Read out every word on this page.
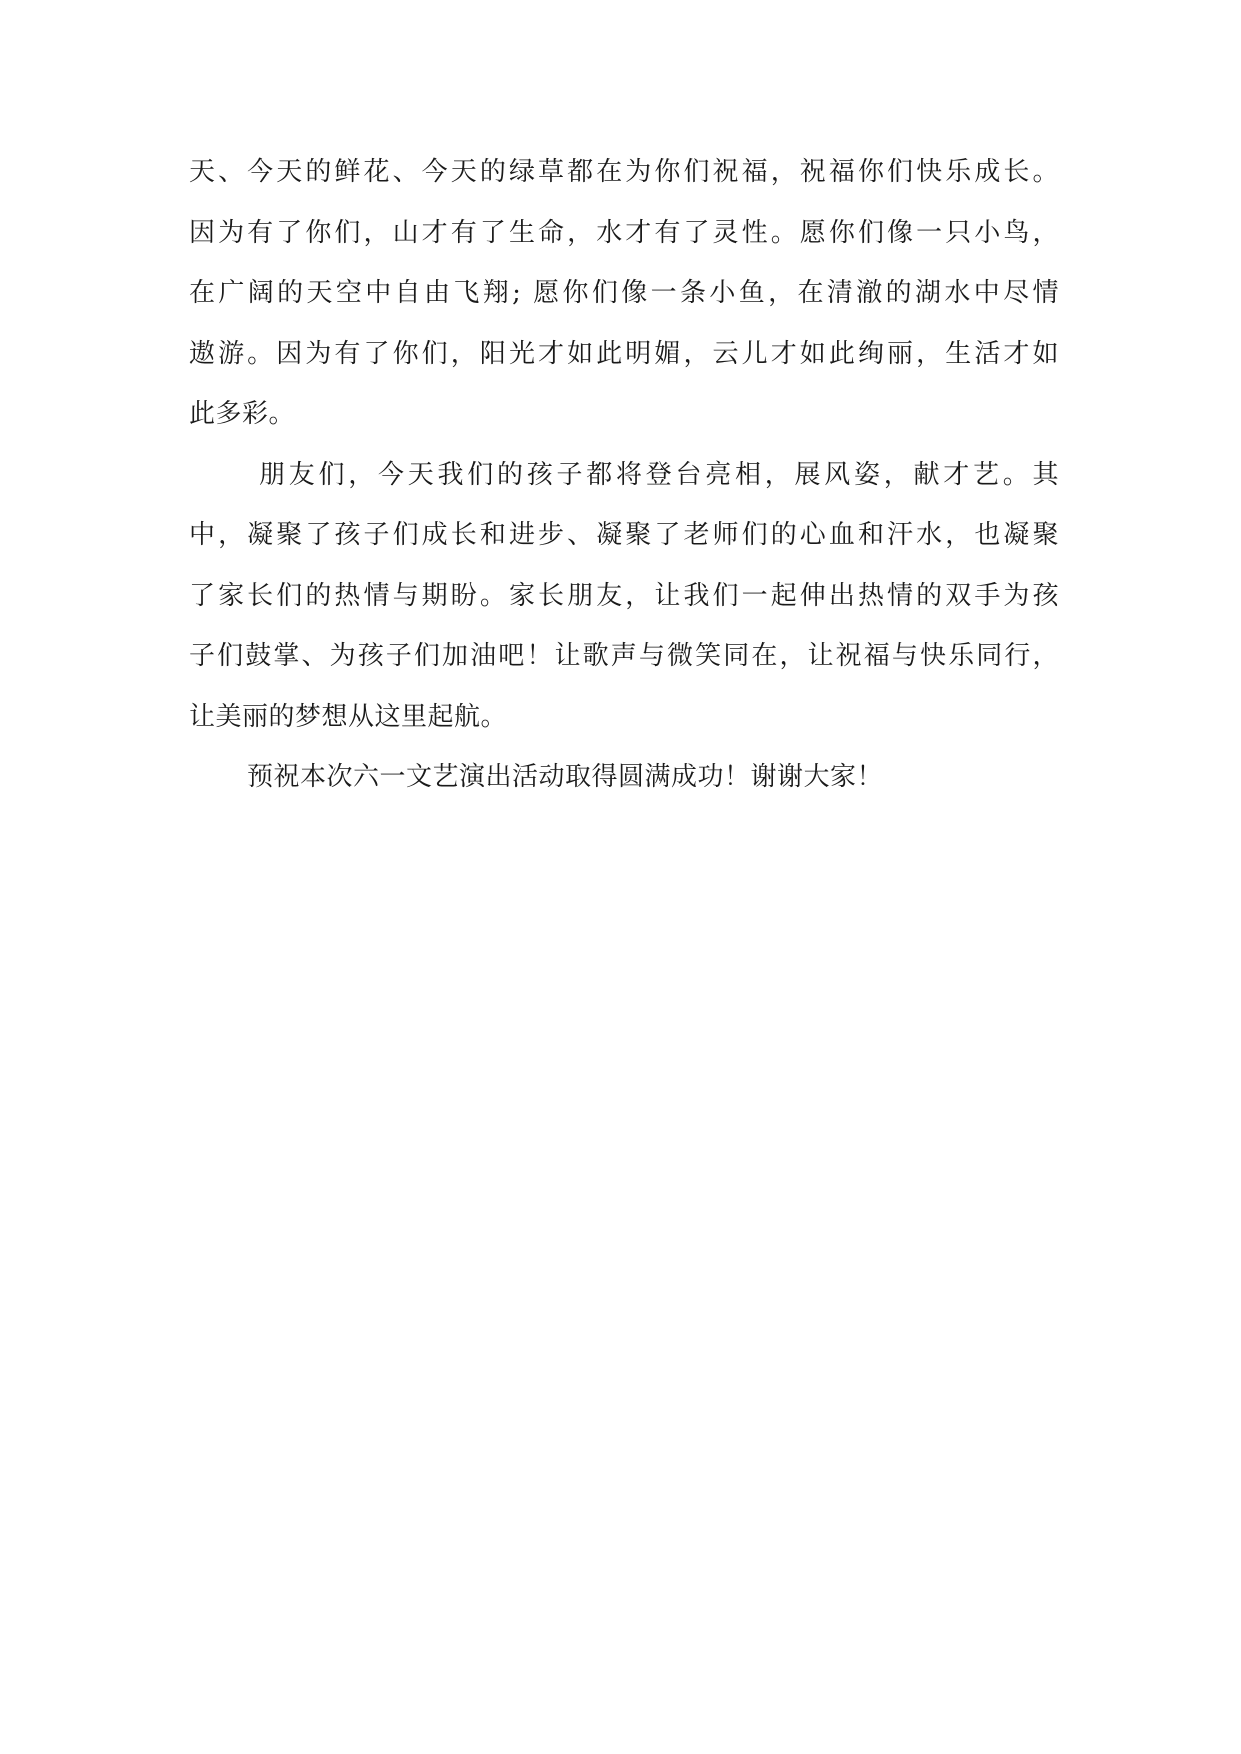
天、今天的鲜花、今天的绿草都在为你们祝福，祝福你们快乐成长。
因为有了你们，山才有了生命，水才有了灵性。愿你们像一只小鸟，
在广阔的天空中自由飞翔; 愿你们像一条小鱼，在清澈的湖水中尽情
遨游。因为有了你们，阳光才如此明媚，云儿才如此绚丽，生活才如
此多彩。
朋友们，今天我们的孩子都将登台亮相，展风姿，献才艺。其
中，凝聚了孩子们成长和进步、凝聚了老师们的心血和汗水，也凝聚
了家长们的热情与期盼。家长朋友，让我们一起伸出热情的双手为孩
子们鼓掌、为孩子们加油吧！让歌声与微笑同在，让祝福与快乐同行，
让美丽的梦想从这里起航。
预祝本次六一文艺演出活动取得圆满成功！谢谢大家！
